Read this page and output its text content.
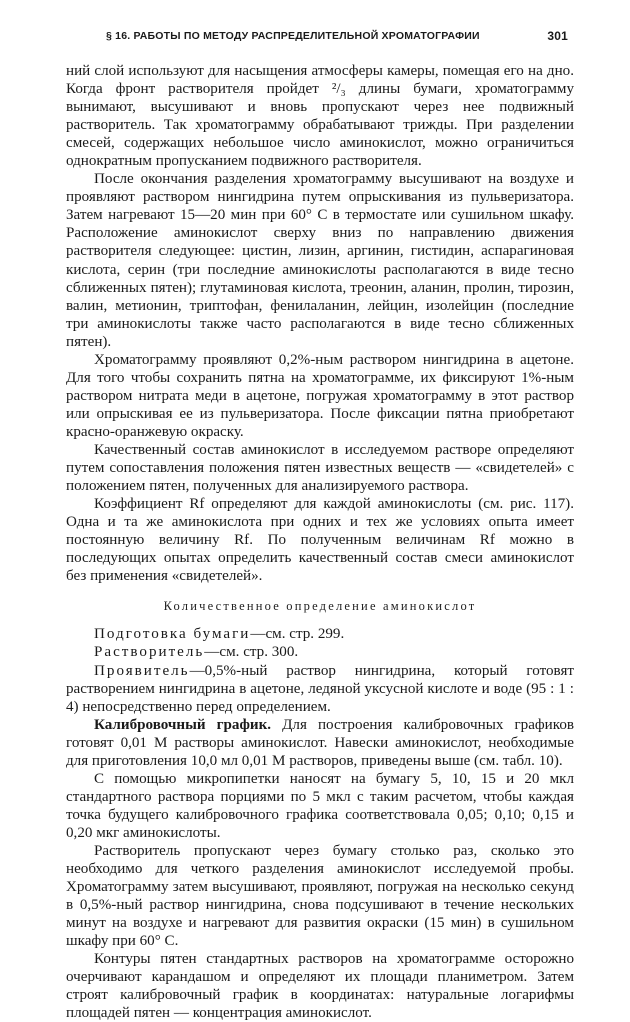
§ 16. РАБОТЫ ПО МЕТОДУ РАСПРЕДЕЛИТЕЛЬНОЙ ХРОМАТОГРАФИИ	301

ний слой используют для насыщения атмосферы камеры, помещая его на дно. Когда фронт растворителя пройдет ²/₃ длины бумаги, хроматограмму вынимают, высушивают и вновь пропускают через нее подвижный растворитель. Так хроматограмму обрабатывают трижды. При разделении смесей, содержащих небольшое число аминокислот, можно ограничиться однократным пропусканием подвижного растворителя.

После окончания разделения хроматограмму высушивают на воздухе и проявляют раствором нингидрина путем опрыскивания из пульверизатора. Затем нагревают 15—20 мин при 60° С в термостате или сушильном шкафу. Расположение аминокислот сверху вниз по направлению движения растворителя следующее: цистин, лизин, аргинин, гистидин, аспарагиновая кислота, серин (три последние аминокислоты располагаются в виде тесно сближенных пятен); глутаминовая кислота, треонин, аланин, пролин, тирозин, валин, метионин, триптофан, фенилаланин, лейцин, изолейцин (последние три аминокислоты также часто располагаются в виде тесно сближенных пятен).

Хроматограмму проявляют 0,2%-ным раствором нингидрина в ацетоне. Для того чтобы сохранить пятна на хроматограмме, их фиксируют 1%-ным раствором нитрата меди в ацетоне, погружая хроматограмму в этот раствор или опрыскивая ее из пульверизатора. После фиксации пятна приобретают красно-оранжевую окраску.

Качественный состав аминокислот в исследуемом растворе определяют путем сопоставления положения пятен известных веществ — «свидетелей» с положением пятен, полученных для анализируемого раствора.

Коэффициент Rf определяют для каждой аминокислоты (см. рис. 117). Одна и та же аминокислота при одних и тех же условиях опыта имеет постоянную величину Rf. По полученным величинам Rf можно в последующих опытах определить качественный состав смеси аминокислот без применения «свидетелей».

Количественное определение аминокислот

Подготовка бумаги—см. стр. 299.

Растворитель—см. стр. 300.

Проявитель—0,5%-ный раствор нингидрина, который готовят растворением нингидрина в ацетоне, ледяной уксусной кислоте и воде (95 : 1 : 4) непосредственно перед определением.

Калибровочный график. Для построения калибровочных графиков готовят 0,01 М растворы аминокислот. Навески аминокислот, необходимые для приготовления 10,0 мл 0,01 М растворов, приведены выше (см. табл. 10).

С помощью микропипетки наносят на бумагу 5, 10, 15 и 20 мкл стандартного раствора порциями по 5 мкл с таким расчетом, чтобы каждая точка будущего калибровочного графика соответствовала 0,05; 0,10; 0,15 и 0,20 мкг аминокислоты.

Растворитель пропускают через бумагу столько раз, сколько это необходимо для четкого разделения аминокислот исследуемой пробы. Хроматограмму затем высушивают, проявляют, погружая на несколько секунд в 0,5%-ный раствор нингидрина, снова подсушивают в течение нескольких минут на воздухе и нагревают для развития окраски (15 мин) в сушильном шкафу при 60° С.

Контуры пятен стандартных растворов на хроматограмме осторожно очерчивают карандашом и определяют их площади планиметром. Затем строят калибровочный график в координатах: натуральные логарифмы площадей пятен — концентрация аминокислот.
